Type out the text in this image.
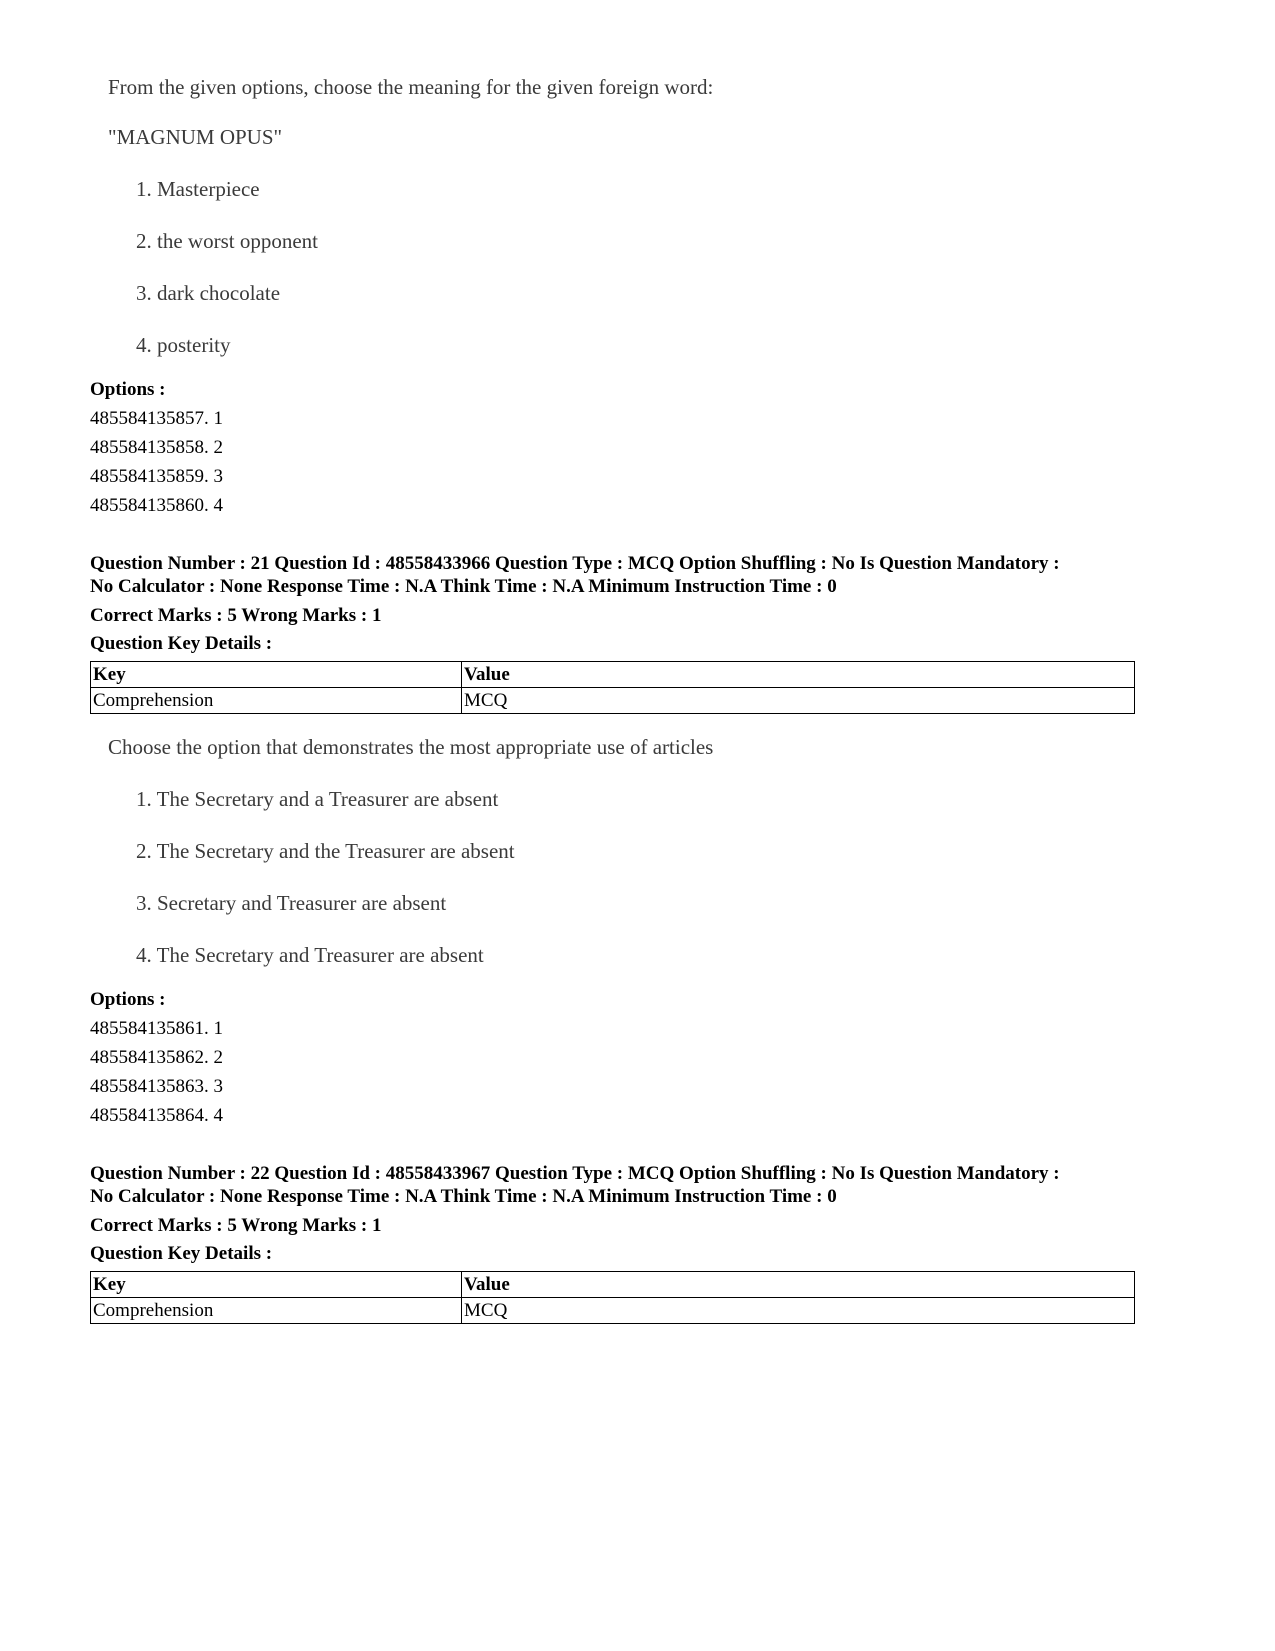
From the given options, choose the meaning for the given foreign word:

"MAGNUM OPUS"

1. Masterpiece
2. the worst opponent
3. dark chocolate
4. posterity
Options :
485584135857. 1
485584135858. 2
485584135859. 3
485584135860. 4
Question Number : 21 Question Id : 48558433966 Question Type : MCQ Option Shuffling : No Is Question Mandatory :
No Calculator : None Response Time : N.A Think Time : N.A Minimum Instruction Time : 0
Correct Marks : 5 Wrong Marks : 1
Question Key Details :
Key	Value
Comprehension	MCQ

Choose the option that demonstrates the most appropriate use of articles

1. The Secretary and a Treasurer are absent
2. The Secretary and the Treasurer are absent
3. Secretary and Treasurer are absent
4. The Secretary and Treasurer are absent
Options :
485584135861. 1
485584135862. 2
485584135863. 3
485584135864. 4
Question Number : 22 Question Id : 48558433967 Question Type : MCQ Option Shuffling : No Is Question Mandatory :
No Calculator : None Response Time : N.A Think Time : N.A Minimum Instruction Time : 0
Correct Marks : 5 Wrong Marks : 1
Question Key Details :
Key	Value
Comprehension	MCQ
